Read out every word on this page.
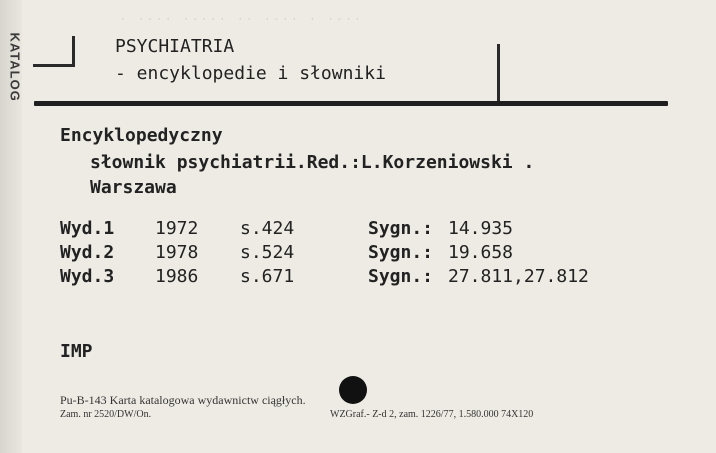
KATALOG
· ·-·· ·-·-· ·· ·-·· · ·-··
PSYCHIATRIA
- encyklopedie i słowniki
Encyklopedyczny
słownik psychiatrii.Red.:L.Korzeniowski .
Warszawa
Wyd.1 1972 s.424	Sygn.: 14.935
Wyd.2 1978 s.524	Sygn.: 19.658
Wyd.3 1986 s.671	Sygn.: 27.811,27.812
IMP
Pu-B-143 Karta katalogowa wydawnictw ciągłych.
Zam. nr 2520/DW/On.	WZGraf.- Z-d 2, zam. 1226/77, 1.580.000 74X120
